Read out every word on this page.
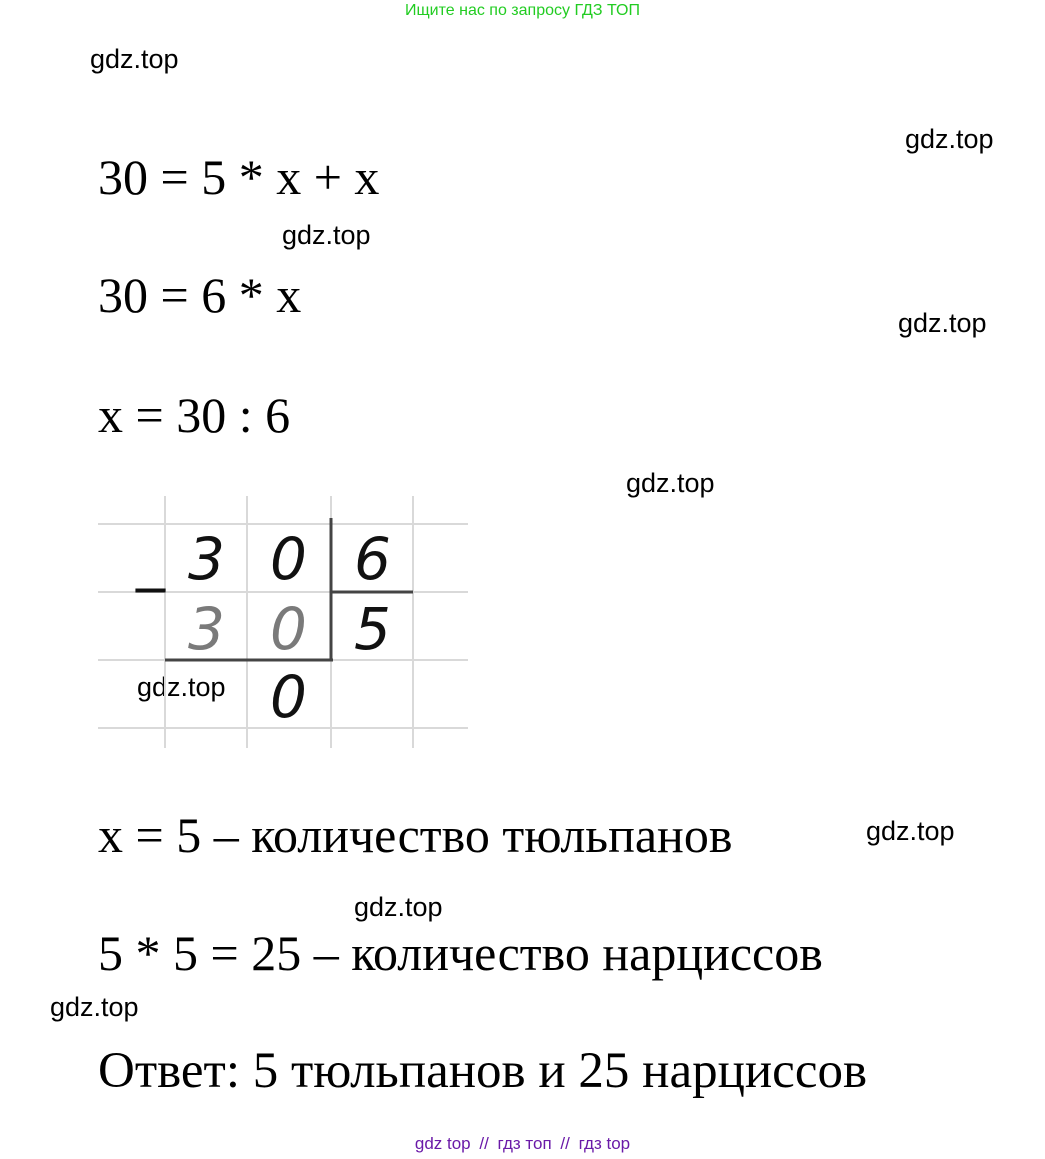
Ищите нас по запросу ГДЗ ТОП
gdz.top
gdz.top
gdz.top
gdz.top
gdz.top
gdz.top
gdz.top
gdz.top
gdz.top
30 = 5 * x + x
30 = 6 * x
x = 30 : 6
_ 3 0 6
3 0 5
0
x = 5 – количество тюльпанов
5 * 5 = 25 – количество нарциссов
Ответ: 5 тюльпанов и 25 нарциссов
gdz top // гдз топ // гдз top
